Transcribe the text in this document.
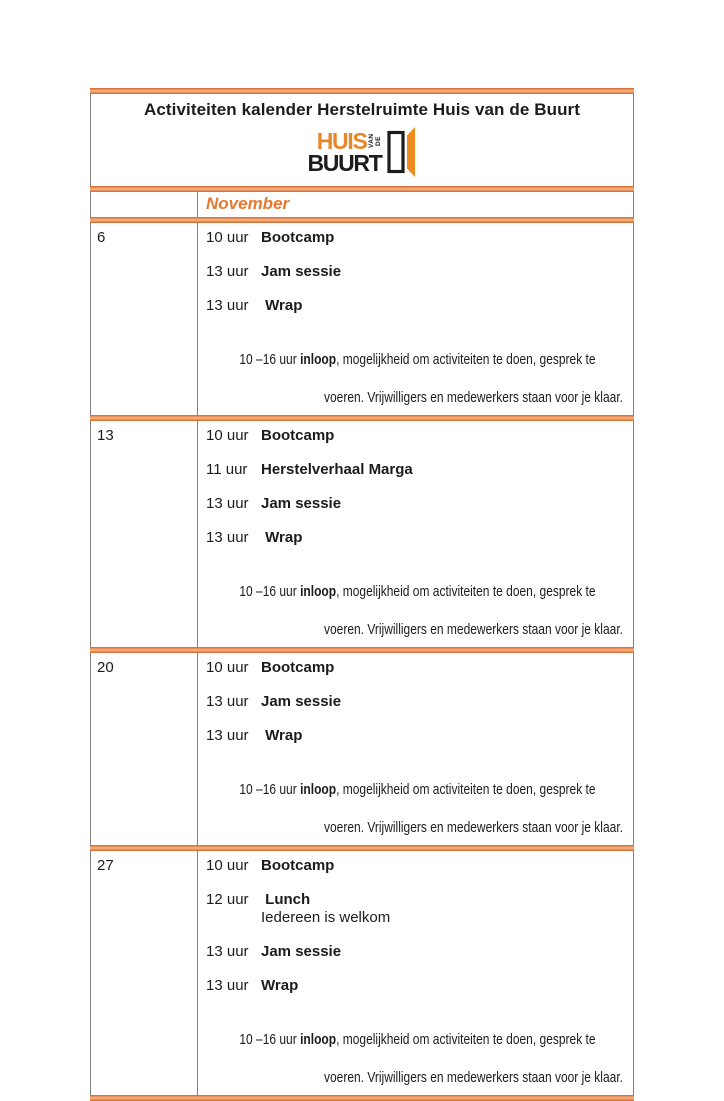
Activiteiten kalender Herstelruimte Huis van de Buurt
HUIS VAN DE
BUURT
November
6	10 uur Bootcamp
13 uur Jam sessie
13 uur Wrap

10 –16 uur inloop, mogelijkheid om activiteiten te doen, gesprek te

voeren. Vrijwilligers en medewerkers staan voor je klaar.
13	10 uur Bootcamp
11 uur Herstelverhaal Marga
13 uur Jam sessie
13 uur Wrap

10 –16 uur inloop, mogelijkheid om activiteiten te doen, gesprek te

voeren. Vrijwilligers en medewerkers staan voor je klaar.
20	10 uur Bootcamp
13 uur Jam sessie
13 uur Wrap

10 –16 uur inloop, mogelijkheid om activiteiten te doen, gesprek te

voeren. Vrijwilligers en medewerkers staan voor je klaar.
27	10 uur Bootcamp
12 uur Lunch
Iedereen is welkom
13 uur Jam sessie
13 uur Wrap

10 –16 uur inloop, mogelijkheid om activiteiten te doen, gesprek te

voeren. Vrijwilligers en medewerkers staan voor je klaar.
